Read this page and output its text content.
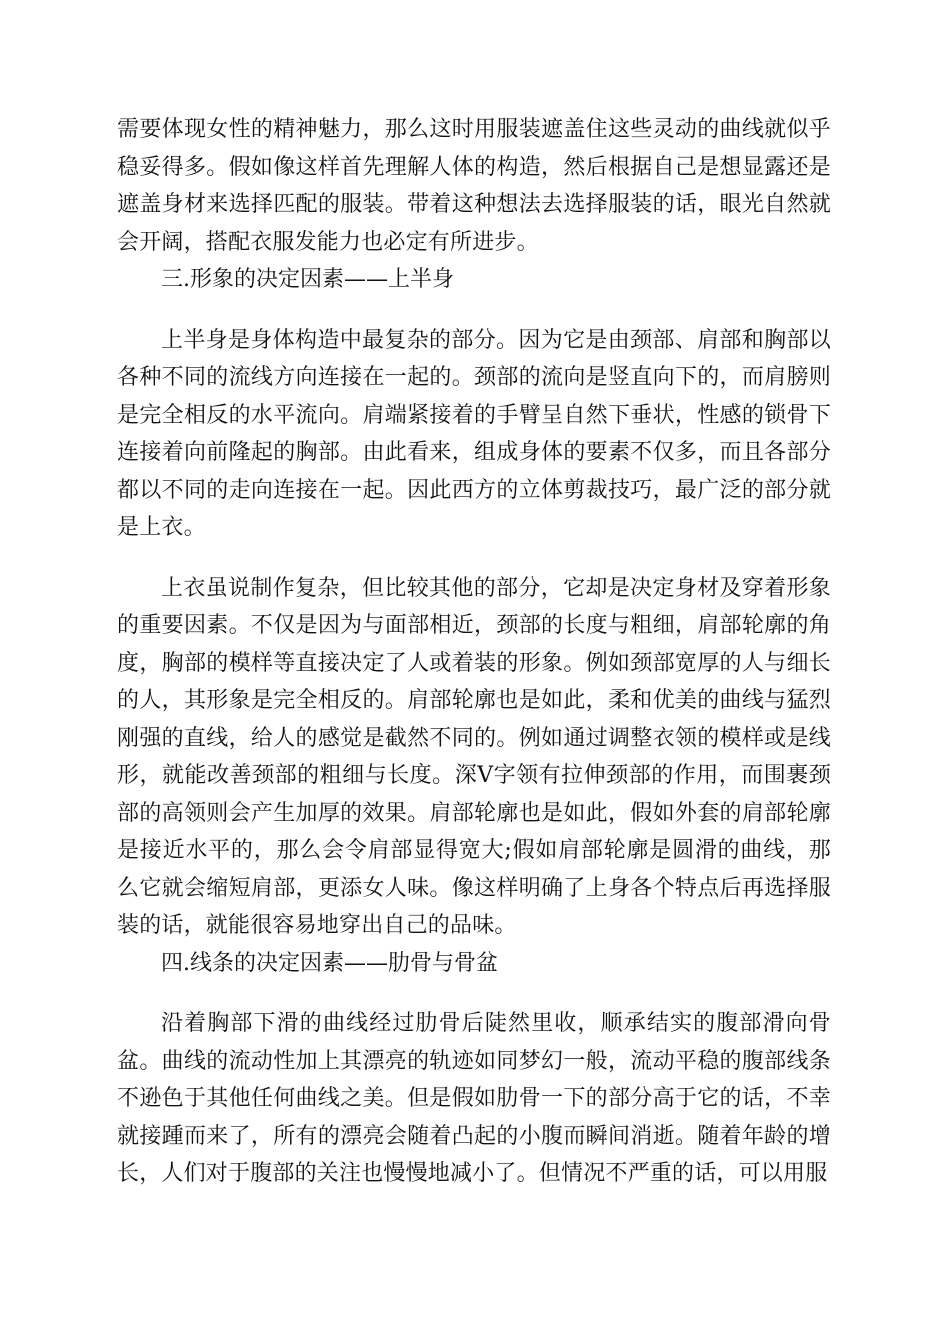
需要体现女性的精神魅力，那么这时用服装遮盖住这些灵动的曲线就似乎稳妥得多。假如像这样首先理解人体的构造，然后根据自己是想显露还是遮盖身材来选择匹配的服装。带着这种想法去选择服装的话，眼光自然就会开阔，搭配衣服发能力也必定有所进步。

三.形象的决定因素——上半身

上半身是身体构造中最复杂的部分。因为它是由颈部、肩部和胸部以各种不同的流线方向连接在一起的。颈部的流向是竖直向下的，而肩膀则是完全相反的水平流向。肩端紧接着的手臂呈自然下垂状，性感的锁骨下连接着向前隆起的胸部。由此看来，组成身体的要素不仅多，而且各部分都以不同的走向连接在一起。因此西方的立体剪裁技巧，最广泛的部分就是上衣。

上衣虽说制作复杂，但比较其他的部分，它却是决定身材及穿着形象的重要因素。不仅是因为与面部相近，颈部的长度与粗细，肩部轮廓的角度，胸部的模样等直接决定了人或着装的形象。例如颈部宽厚的人与细长的人，其形象是完全相反的。肩部轮廓也是如此，柔和优美的曲线与猛烈刚强的直线，给人的感觉是截然不同的。例如通过调整衣领的模样或是线形，就能改善颈部的粗细与长度。深V字领有拉伸颈部的作用，而围裹颈部的高领则会产生加厚的效果。肩部轮廓也是如此，假如外套的肩部轮廓是接近水平的，那么会令肩部显得宽大;假如肩部轮廓是圆滑的曲线，那么它就会缩短肩部，更添女人味。像这样明确了上身各个特点后再选择服装的话，就能很容易地穿出自己的品味。

四.线条的决定因素——肋骨与骨盆

沿着胸部下滑的曲线经过肋骨后陡然里收，顺承结实的腹部滑向骨盆。曲线的流动性加上其漂亮的轨迹如同梦幻一般，流动平稳的腹部线条不逊色于其他任何曲线之美。但是假如肋骨一下的部分高于它的话，不幸就接踵而来了，所有的漂亮会随着凸起的小腹而瞬间消逝。随着年龄的增长，人们对于腹部的关注也慢慢地减小了。但情况不严重的话，可以用服
